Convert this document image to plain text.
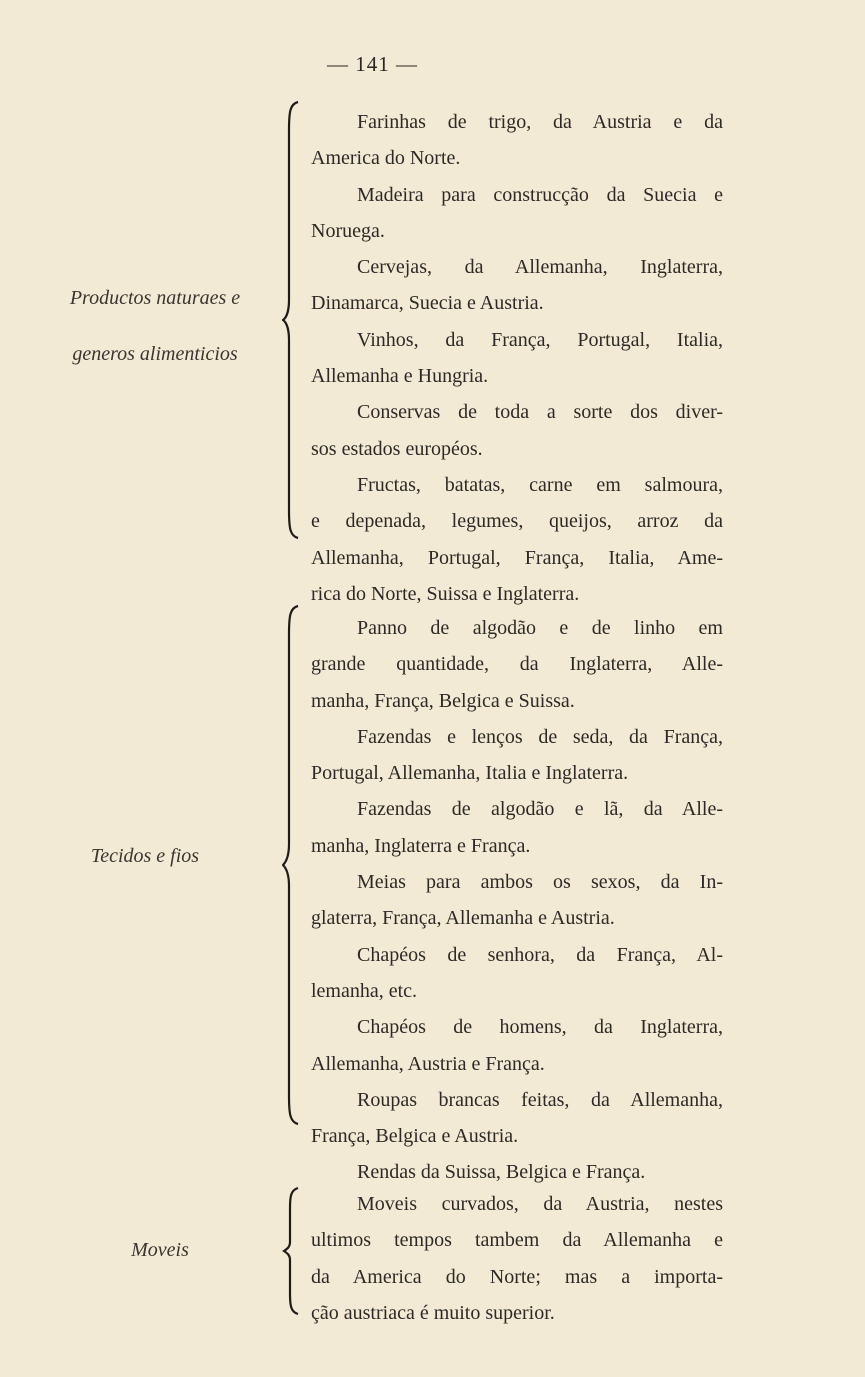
— 141 —
Productos naturaes e
generos alimenticios
Farinhas de trigo, da Austria e da
America do Norte.
Madeira para construcção da Suecia e
Noruega.
Cervejas, da Allemanha, Inglaterra,
Dinamarca, Suecia e Austria.
Vinhos, da França, Portugal, Italia,
Allemanha e Hungria.
Conservas de toda a sorte dos diver-
sos estados européos.
Fructas, batatas, carne em salmoura,
e depenada, legumes, queijos, arroz da
Allemanha, Portugal, França, Italia, Ame-
rica do Norte, Suissa e Inglaterra.
Tecidos e fios
Panno de algodão e de linho em
grande quantidade, da Inglaterra, Alle-
manha, França, Belgica e Suissa.
Fazendas e lenços de seda, da França,
Portugal, Allemanha, Italia e Inglaterra.
Fazendas de algodão e lã, da Alle-
manha, Inglaterra e França.
Meias para ambos os sexos, da In-
glaterra, França, Allemanha e Austria.
Chapéos de senhora, da França, Al-
lemanha, etc.
Chapéos de homens, da Inglaterra,
Allemanha, Austria e França.
Roupas brancas feitas, da Allemanha,
França, Belgica e Austria.
Rendas da Suissa, Belgica e França.
Moveis
Moveis curvados, da Austria, nestes
ultimos tempos tambem da Allemanha e
da America do Norte; mas a importa-
ção austriaca é muito superior.
